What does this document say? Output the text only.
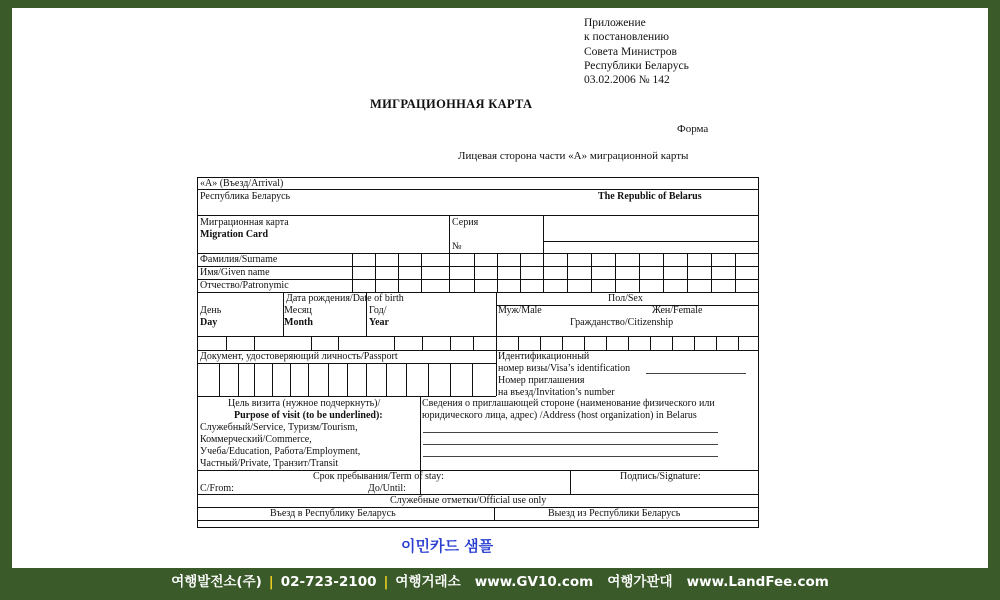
Приложение
к постановлению
Совета Министров
Республики Беларусь
03.02.2006 № 142
МИГРАЦИОННАЯ КАРТА
Форма
Лицевая сторона части «А» миграционной карты
«А» (Въезд/Arrival)
Республика Беларусь	The Republic of Belarus
Миграционная карта
Migration Card
Серия
№
Фамилия/Surname
Имя/Given name
Отчество/Patronymic
Дата рождения/Date of birth
День
Day
Месяц
Month
Год/
Year
Пол/Sex
Муж/Male	Жен/Female
Гражданство/Citizenship
Документ, удостоверяющий личность/Passport	Идентификационный
номер визы/Visa’s identification
Номер приглашения
на въезд/Invitation’s number
Цель визита (нужное подчеркнуть)/
Purpose of visit (to be underlined):
Служебный/Service, Туризм/Tourism,
Коммерческий/Commerce,
Учеба/Education, Работа/Employment,
Частный/Private, Транзит/Transit
Сведения о приглашающей стороне (наименование физического или
юридического лица, адрес) /Address (host organization) in Belarus
Срок пребывания/Term of stay:
С/From:	До/Until:
Подпись/Signature:
Служебные отметки/Official use only
Въезд в Республику Беларусь	Выезд из Республики Беларусь
이민카드 샘플
여행발전소(주) | 02-723-2100 | 여행거래소 www.GV10.com 여행가판대 www.LandFee.com
